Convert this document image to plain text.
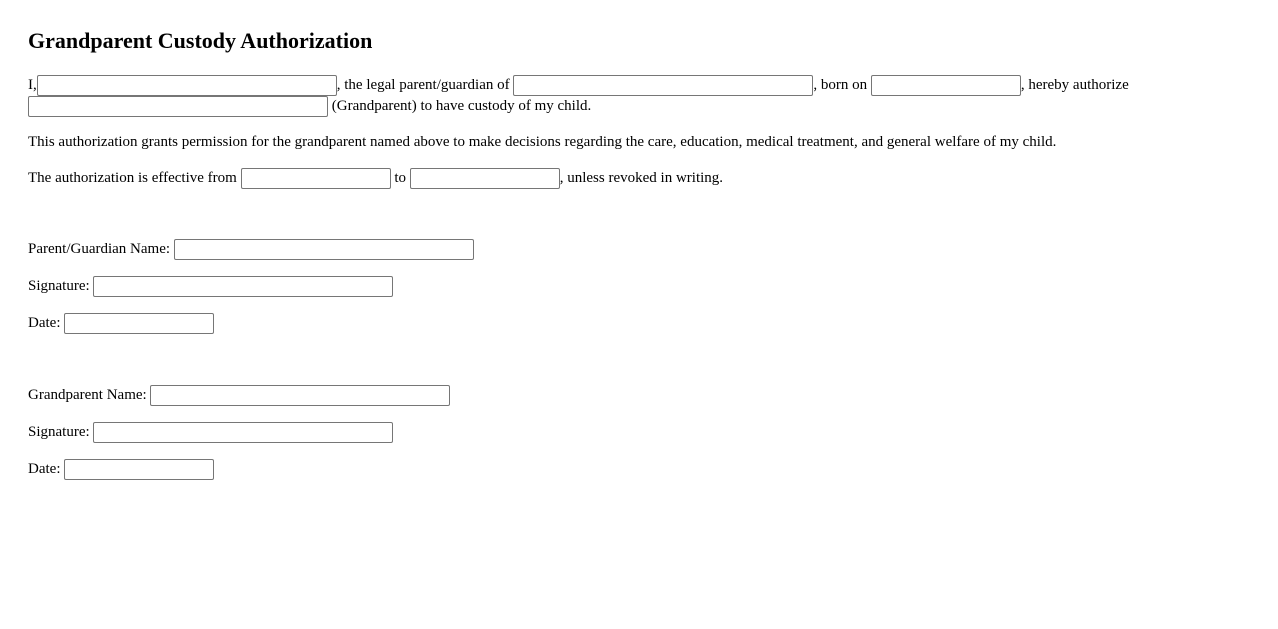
Grandparent Custody Authorization

I,	, the legal parent/guardian of	, born on	, hereby authorize
(Grandparent) to have custody of my child.

This authorization grants permission for the grandparent named above to make decisions regarding the care, education, medical treatment, and general welfare of my child.

The authorization is effective from	to	, unless revoked in writing.

Parent/Guardian Name:
Signature:
Date:
Grandparent Name:
Signature:
Date:
